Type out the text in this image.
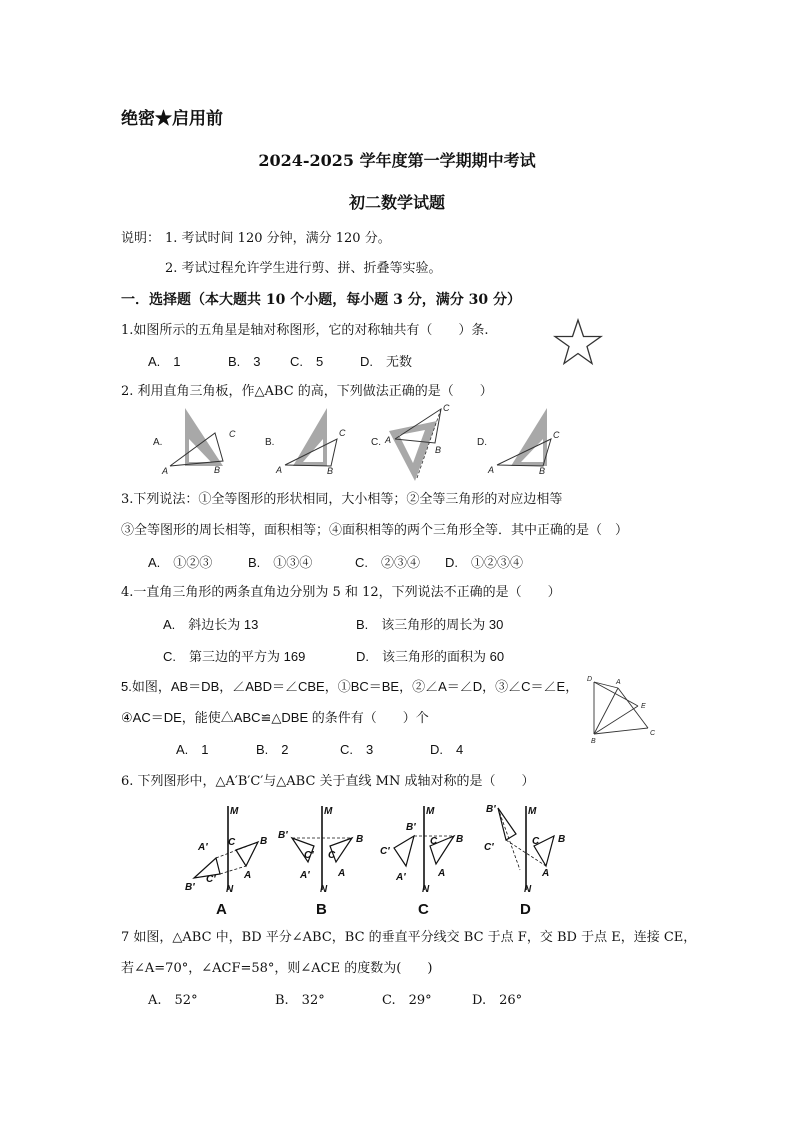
绝密★启用前
2024-2025 学年度第一学期期中考试
初二数学试题
说明： 1. 考试时间 120 分钟，满分 120 分。
2. 考试过程允许学生进行剪、拼、折叠等实验。
一．选择题（本大题共 10 个小题，每小题 3 分，满分 30 分）
1.如图所示的五角星是轴对称图形，它的对称轴共有（　　）条.
A.　1	B.　3 C.　5	D.　无数
2. 利用直角三角板，作△ABC 的高，下列做法正确的是（　　）
A.
A	B
C
B.
A	B
C
C. A
B
C
D.
A	B
C
3.下列说法：①全等图形的形状相同，大小相等；②全等三角形的对应边相等
③全等图形的周长相等，面积相等；④面积相等的两个三角形全等．其中正确的是（　）
A.　①②③	B.　①③④	C.　②③④ D.　①②③④
4.一直角三角形的两条直角边分别为 5 和 12，下列说法不正确的是（　　）
A.　斜边长为 13	B.　该三角形的周长为 30
C.　第三边的平方为 169	D.　该三角形的面积为 60
5.如图，AB＝DB，∠ABD＝∠CBE，①BC＝BE，②∠A＝∠D，③∠C＝∠E，
④AC＝DE，能使△ABC≌△DBE 的条件有（　　）个
A.　1	B.　2	C.　3	D.　4
D	A
E
B
C
6. 下列图形中，△A′B′C′与△ABC 关于直线 MN 成轴对称的是（　　）
M
A′
B′
C′
C B
A
N
M
B′
C′
A′
C
B
A
N
M
B′
C′
A′
C B
A
N
M
B′
C′
C B
A
N
A	B	C	D
7 如图，△ABC 中，BD 平分∠ABC，BC 的垂直平分线交 BC 于点 F，交 BD 于点 E，连接 CE，
若∠A=70°，∠ACF=58°，则∠ACE 的度数为(　　)
A.　52°	B.　32°	C.　29°	D.　26°
